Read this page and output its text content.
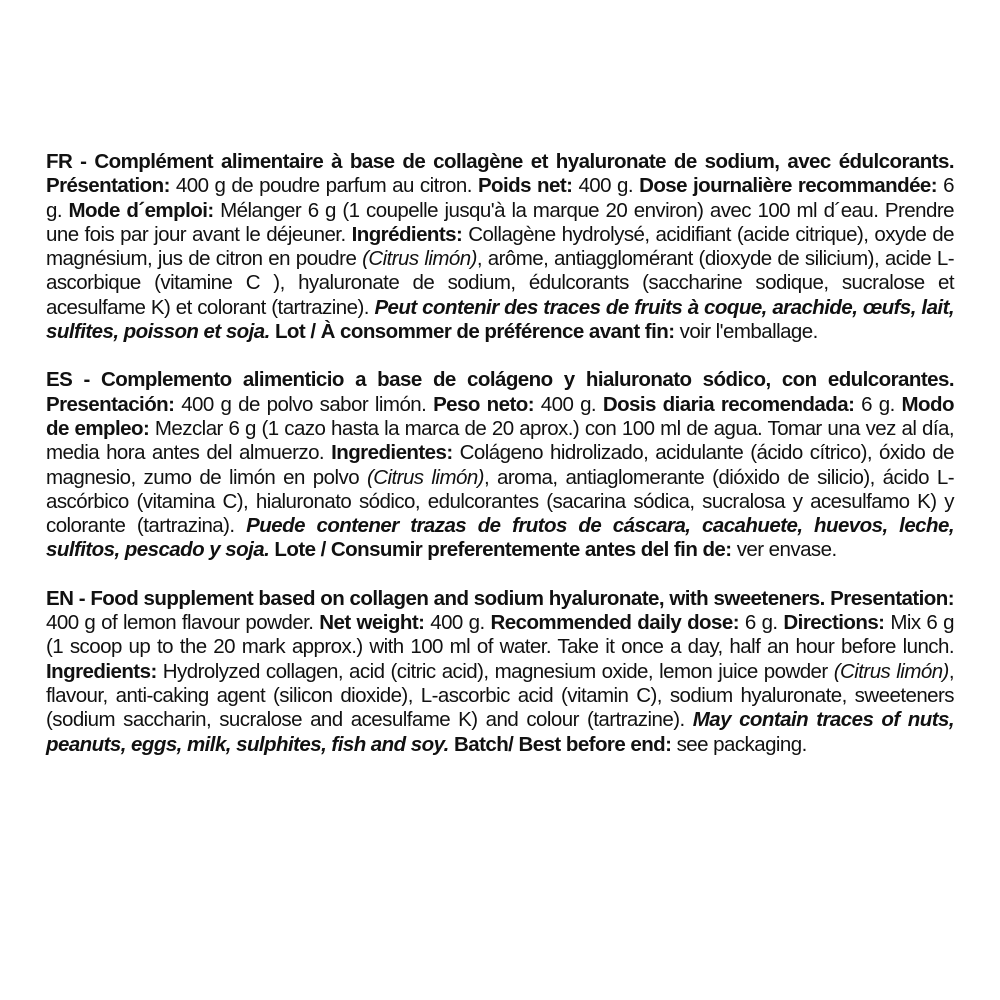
FR - Complément alimentaire à base de collagène et hyaluronate de sodium, avec édulcorants. Présentation: 400 g de poudre parfum au citron. Poids net: 400 g. Dose journalière recommandée: 6 g. Mode d´emploi: Mélanger 6 g (1 coupelle jusqu'à la marque 20 environ) avec 100 ml d´eau. Prendre une fois par jour avant le déjeuner. Ingrédients: Collagène hydrolysé, acidifiant (acide citrique), oxyde de magnésium, jus de citron en poudre (Citrus limón), arôme, antiagglomérant (dioxyde de silicium), acide L-ascorbique (vitamine C ), hyaluronate de sodium, édulcorants (saccharine sodique, sucralose et acesulfame K) et colorant (tartrazine). Peut contenir des traces de fruits à coque, arachide, œufs, lait, sulfites, poisson et soja. Lot / À consommer de préférence avant fin: voir l'emballage.

ES - Complemento alimenticio a base de colágeno y hialuronato sódico, con edulcorantes. Presentación: 400 g de polvo sabor limón. Peso neto: 400 g. Dosis diaria recomendada: 6 g. Modo de empleo: Mezclar 6 g (1 cazo hasta la marca de 20 aprox.) con 100 ml de agua. Tomar una vez al día, media hora antes del almuerzo. Ingredientes: Colágeno hidrolizado, acidulante (ácido cítrico), óxido de magnesio, zumo de limón en polvo (Citrus limón), aroma, antiaglomerante (dióxido de silicio), ácido L-ascórbico (vitamina C), hialuronato sódico, edulcorantes (sacarina sódica, sucralosa y acesulfamo K) y colorante (tartrazina). Puede contener trazas de frutos de cáscara, cacahuete, huevos, leche, sulfitos, pescado y soja. Lote / Consumir preferentemente antes del fin de: ver envase.

EN - Food supplement based on collagen and sodium hyaluronate, with sweeteners. Presentation: 400 g of lemon flavour powder. Net weight: 400 g. Recommended daily dose: 6 g. Directions: Mix 6 g (1 scoop up to the 20 mark approx.) with 100 ml of water. Take it once a day, half an hour before lunch. Ingredients: Hydrolyzed collagen, acid (citric acid), magnesium oxide, lemon juice powder (Citrus limón), flavour, anti-caking agent (silicon dioxide), L-ascorbic acid (vitamin C), sodium hyaluronate, sweeteners (sodium saccharin, sucralose and acesulfame K) and colour (tartrazine). May contain traces of nuts, peanuts, eggs, milk, sulphites, fish and soy. Batch/ Best before end: see packaging.
